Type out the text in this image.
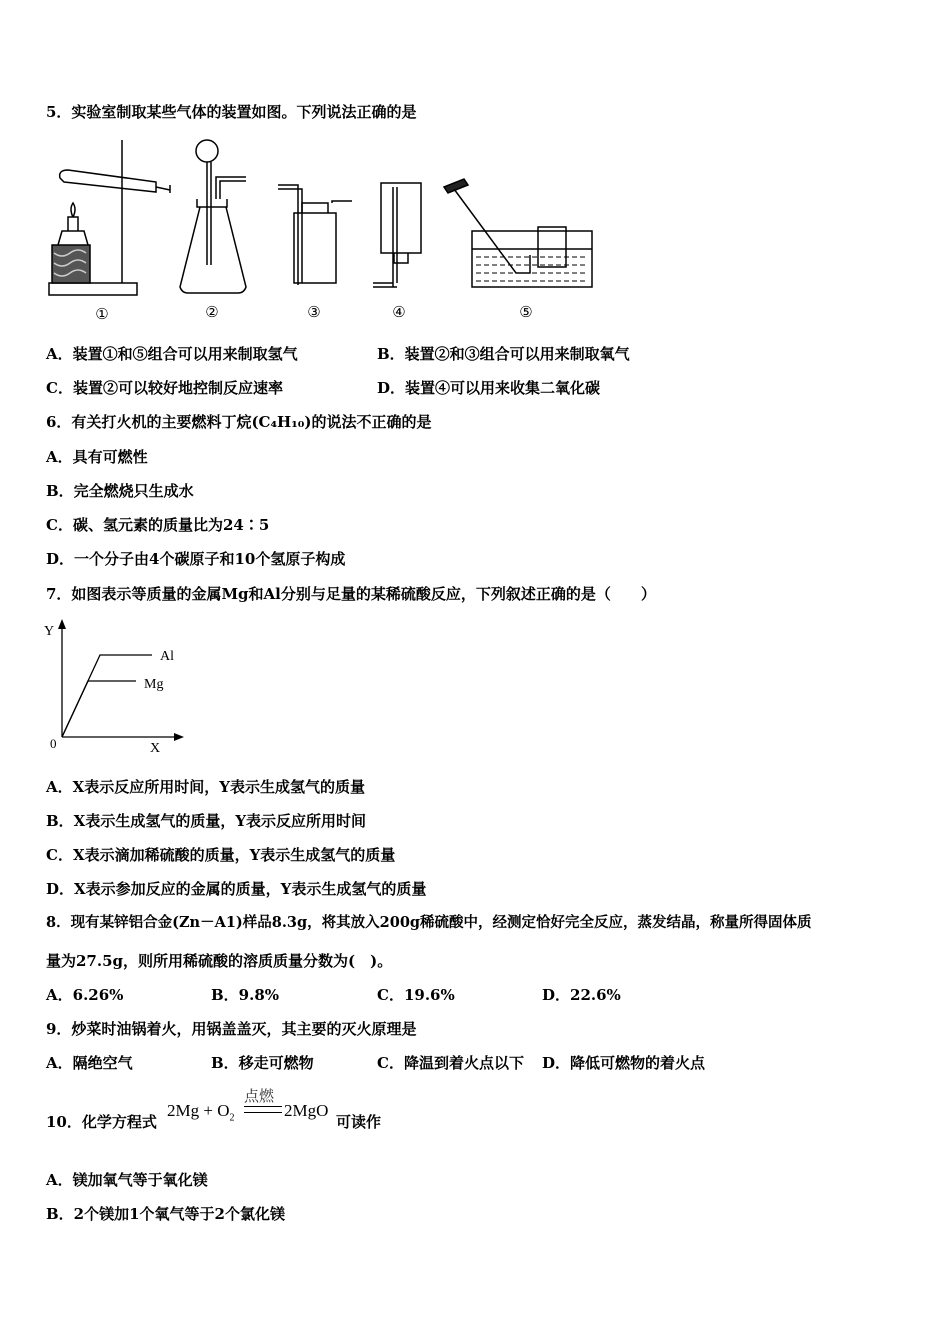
5．实验室制取某些气体的装置如图。下列说法正确的是
①	②	③	④	⑤
A．装置①和⑤组合可以用来制取氢气	B．装置②和③组合可以用来制取氧气
C．装置②可以较好地控制反应速率	D．装置④可以用来收集二氧化碳
6．有关打火机的主要燃料丁烷(C₄H₁₀)的说法不正确的是
A．具有可燃性
B．完全燃烧只生成水
C．碳、氢元素的质量比为24∶5
D．一个分子由4个碳原子和10个氢原子构成
7．如图表示等质量的金属Mg和Al分别与足量的某稀硫酸反应，下列叙述正确的是（　　）
Y
X
0
Al
Mg
A．X表示反应所用时间，Y表示生成氢气的质量
B．X表示生成氢气的质量，Y表示反应所用时间
C．X表示滴加稀硫酸的质量，Y表示生成氢气的质量
D．X表示参加反应的金属的质量，Y表示生成氢气的质量
8．现有某锌铝合金(Zn－A1)样品8.3g，将其放入200g稀硫酸中，经测定恰好完全反应，蒸发结晶，称量所得固体质
量为27.5g，则所用稀硫酸的溶质质量分数为(　)。
A．6.26%	B．9.8%	C．19.6%	D．22.6%
9．炒菜时油锅着火，用锅盖盖灭，其主要的灭火原理是
A．隔绝空气	B．移走可燃物	C．降温到着火点以下 D．降低可燃物的着火点
10．化学方程式
$2Mg + O_2$
点燃
2MgO
可读作
A．镁加氧气等于氧化镁
B．2个镁加1个氧气等于2个氯化镁
